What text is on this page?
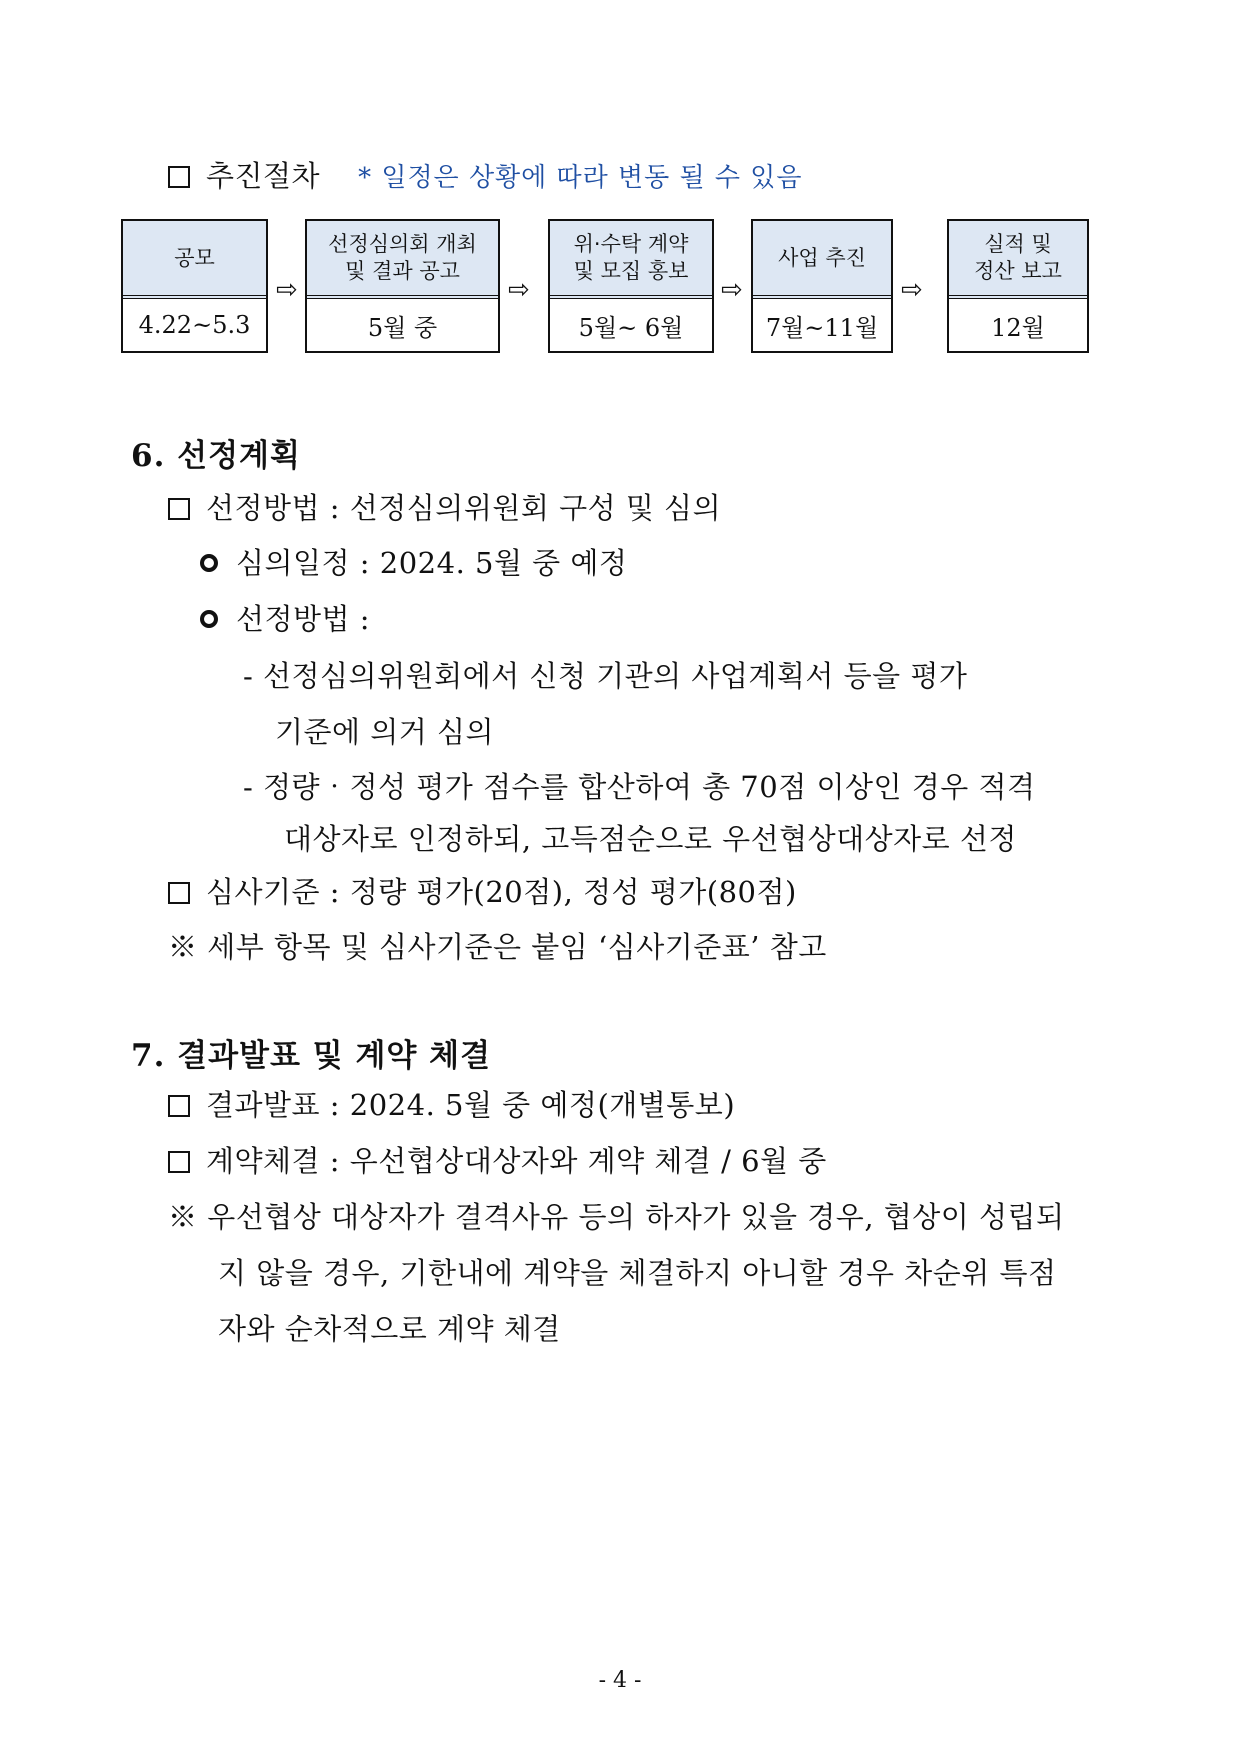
추진절차 * 일정은 상황에 따라 변동 될 수 있음
공모
4.22~5.3
⇨
선정심의회 개최
및 결과 공고
5월 중
⇨
위·수탁 계약
및 모집 홍보
5월~ 6월
⇨
사업 추진
7월~11월
⇨
실적 및
정산 보고
12월
6. 선정계획
선정방법 : 선정심의위원회 구성 및 심의
심의일정 : 2024. 5월 중 예정
선정방법 :
- 선정심의위원회에서 신청 기관의 사업계획서 등을 평가
기준에 의거 심의
- 정량‧정성 평가 점수를 합산하여 총 70점 이상인 경우 적격
대상자로 인정하되, 고득점순으로 우선협상대상자로 선정
심사기준 : 정량 평가(20점), 정성 평가(80점)
※ 세부 항목 및 심사기준은 붙임 ‘심사기준표’ 참고
7. 결과발표 및 계약 체결
결과발표 : 2024. 5월 중 예정(개별통보)
계약체결 : 우선협상대상자와 계약 체결 / 6월 중
※ 우선협상 대상자가 결격사유 등의 하자가 있을 경우, 협상이 성립되
지 않을 경우, 기한내에 계약을 체결하지 아니할 경우 차순위 특점
자와 순차적으로 계약 체결
- 4 -
